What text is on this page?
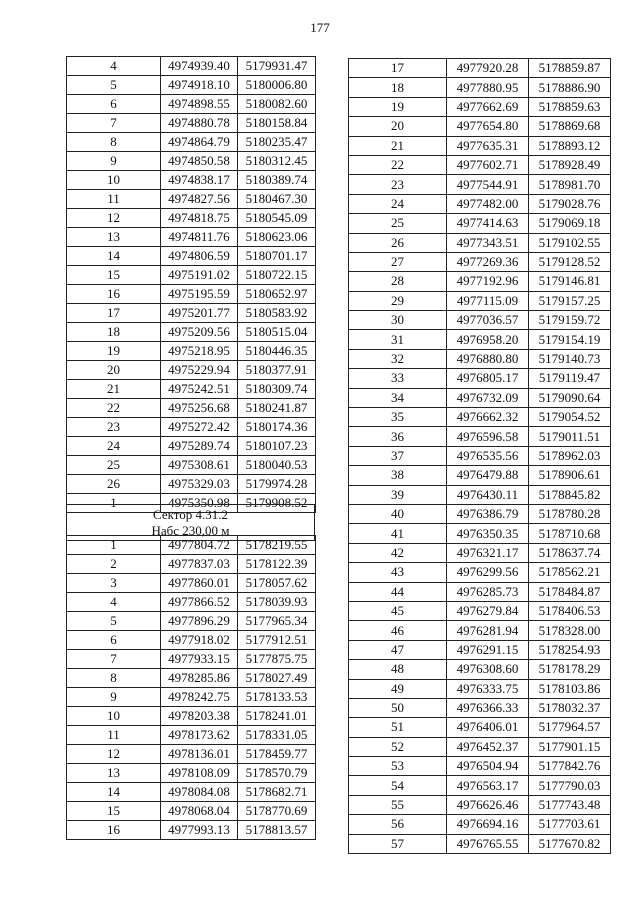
177
4	4974939.40	5179931.47
5	4974918.10	5180006.80
6	4974898.55	5180082.60
7	4974880.78	5180158.84
8	4974864.79	5180235.47
9	4974850.58	5180312.45
10	4974838.17	5180389.74
11	4974827.56	5180467.30
12	4974818.75	5180545.09
13	4974811.76	5180623.06
14	4974806.59	5180701.17
15	4975191.02	5180722.15
16	4975195.59	5180652.97
17	4975201.77	5180583.92
18	4975209.56	5180515.04
19	4975218.95	5180446.35
20	4975229.94	5180377.91
21	4975242.51	5180309.74
22	4975256.68	5180241.87
23	4975272.42	5180174.36
24	4975289.74	5180107.23
25	4975308.61	5180040.53
26	4975329.03	5179974.28
1	4975350.98	5179908.52
Сектор 4.31.2
Нaбс 230,00 м
1	4977804.72	5178219.55
2	4977837.03	5178122.39
3	4977860.01	5178057.62
4	4977866.52	5178039.93
5	4977896.29	5177965.34
6	4977918.02	5177912.51
7	4977933.15	5177875.75
8	4978285.86	5178027.49
9	4978242.75	5178133.53
10	4978203.38	5178241.01
11	4978173.62	5178331.05
12	4978136.01	5178459.77
13	4978108.09	5178570.79
14	4978084.08	5178682.71
15	4978068.04	5178770.69
16	4977993.13	5178813.57
17	4977920.28	5178859.87
18	4977880.95	5178886.90
19	4977662.69	5178859.63
20	4977654.80	5178869.68
21	4977635.31	5178893.12
22	4977602.71	5178928.49
23	4977544.91	5178981.70
24	4977482.00	5179028.76
25	4977414.63	5179069.18
26	4977343.51	5179102.55
27	4977269.36	5179128.52
28	4977192.96	5179146.81
29	4977115.09	5179157.25
30	4977036.57	5179159.72
31	4976958.20	5179154.19
32	4976880.80	5179140.73
33	4976805.17	5179119.47
34	4976732.09	5179090.64
35	4976662.32	5179054.52
36	4976596.58	5179011.51
37	4976535.56	5178962.03
38	4976479.88	5178906.61
39	4976430.11	5178845.82
40	4976386.79	5178780.28
41	4976350.35	5178710.68
42	4976321.17	5178637.74
43	4976299.56	5178562.21
44	4976285.73	5178484.87
45	4976279.84	5178406.53
46	4976281.94	5178328.00
47	4976291.15	5178254.93
48	4976308.60	5178178.29
49	4976333.75	5178103.86
50	4976366.33	5178032.37
51	4976406.01	5177964.57
52	4976452.37	5177901.15
53	4976504.94	5177842.76
54	4976563.17	5177790.03
55	4976626.46	5177743.48
56	4976694.16	5177703.61
57	4976765.55	5177670.82
